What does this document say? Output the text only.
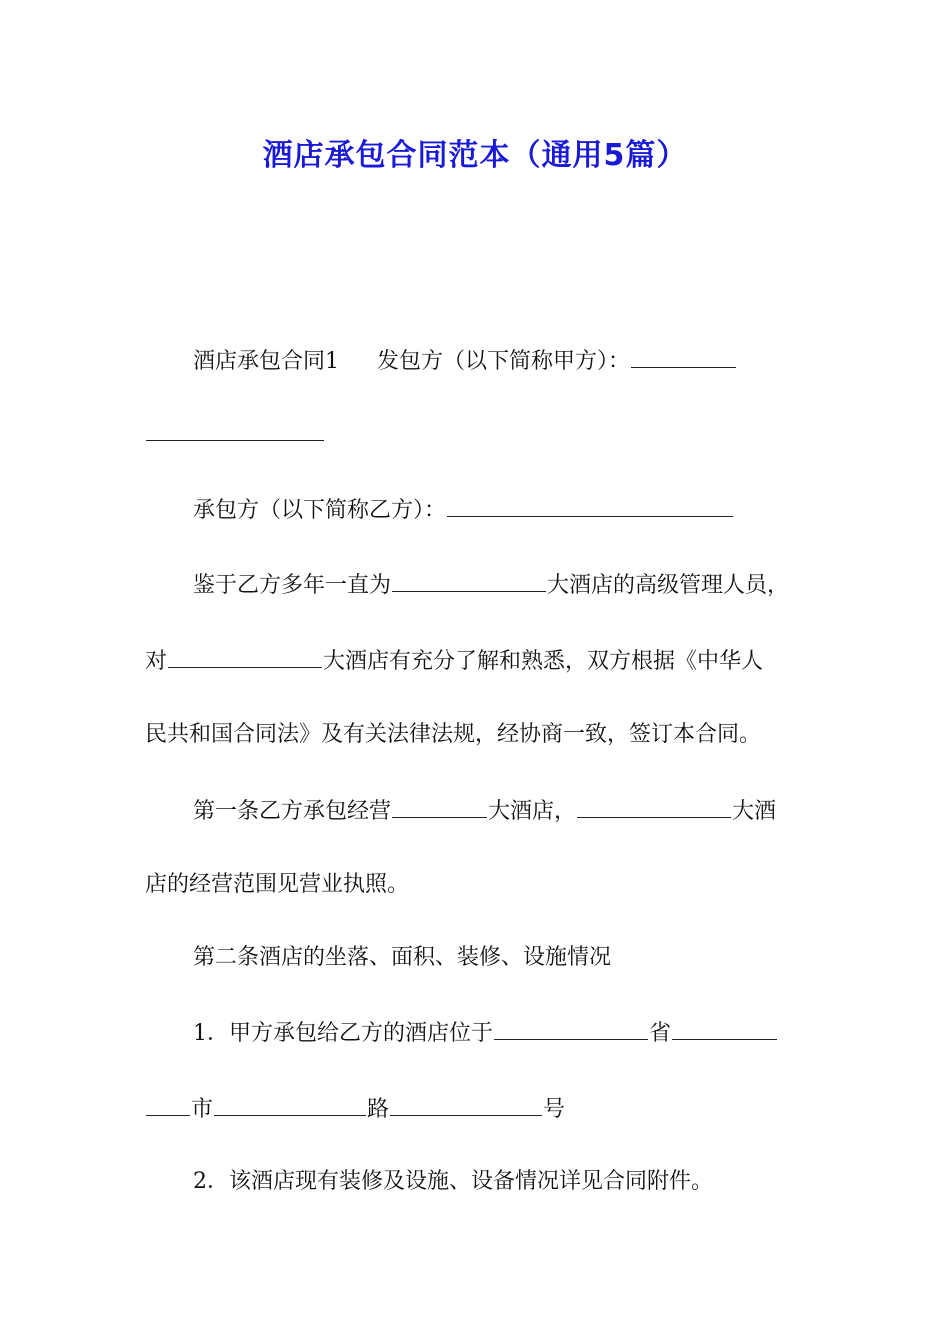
酒店承包合同范本（通用5篇）
酒店承包合同1 发包方（以下简称甲方）：
承包方（以下简称乙方）：
鉴于乙方多年一直为	大酒店的高级管理人员，
对	大酒店有充分了解和熟悉，双方根据《中华人
民共和国合同法》及有关法律法规，经协商一致，签订本合同。
第一条乙方承包经营	大酒店，	大酒
店的经营范围见营业执照。
第二条酒店的坐落、面积、装修、设施情况
1．甲方承包给乙方的酒店位于	省
市	路	号
2．该酒店现有装修及设施、设备情况详见合同附件。
